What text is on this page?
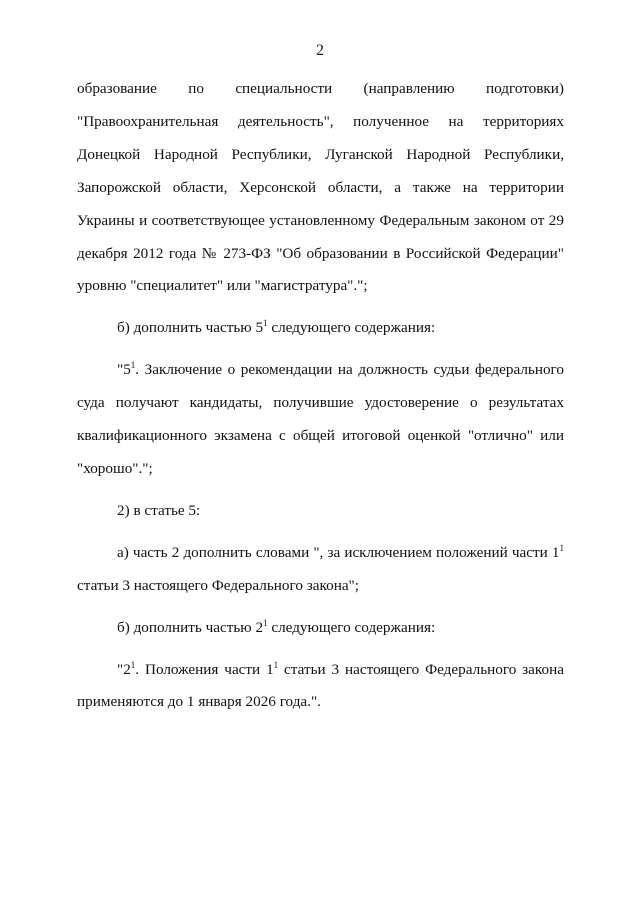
2
образование по специальности (направлению подготовки)
"Правоохранительная деятельность", полученное на территориях
Донецкой Народной Республики, Луганской Народной Республики,
Запорожской области, Херсонской области, а также на территории
Украины и соответствующее установленному Федеральным законом от 29
декабря 2012 года № 273-ФЗ "Об образовании в Российской Федерации"
уровню "специалитет" или "магистратура".";
б) дополнить частью $5^1$ следующего содержания:
"$5^1$. Заключение о рекомендации на должность судьи федерального
суда получают кандидаты, получившие удостоверение о результатах
квалификационного экзамена с общей итоговой оценкой "отлично" или
"хорошо".";
2) в статье 5:
а) часть 2 дополнить словами ", за исключением положений части $1^1$
статьи 3 настоящего Федерального закона";
б) дополнить частью $2^1$ следующего содержания:
"$2^1$. Положения части $1^1$ статьи 3 настоящего Федерального закона
применяются до 1 января 2026 года.".
